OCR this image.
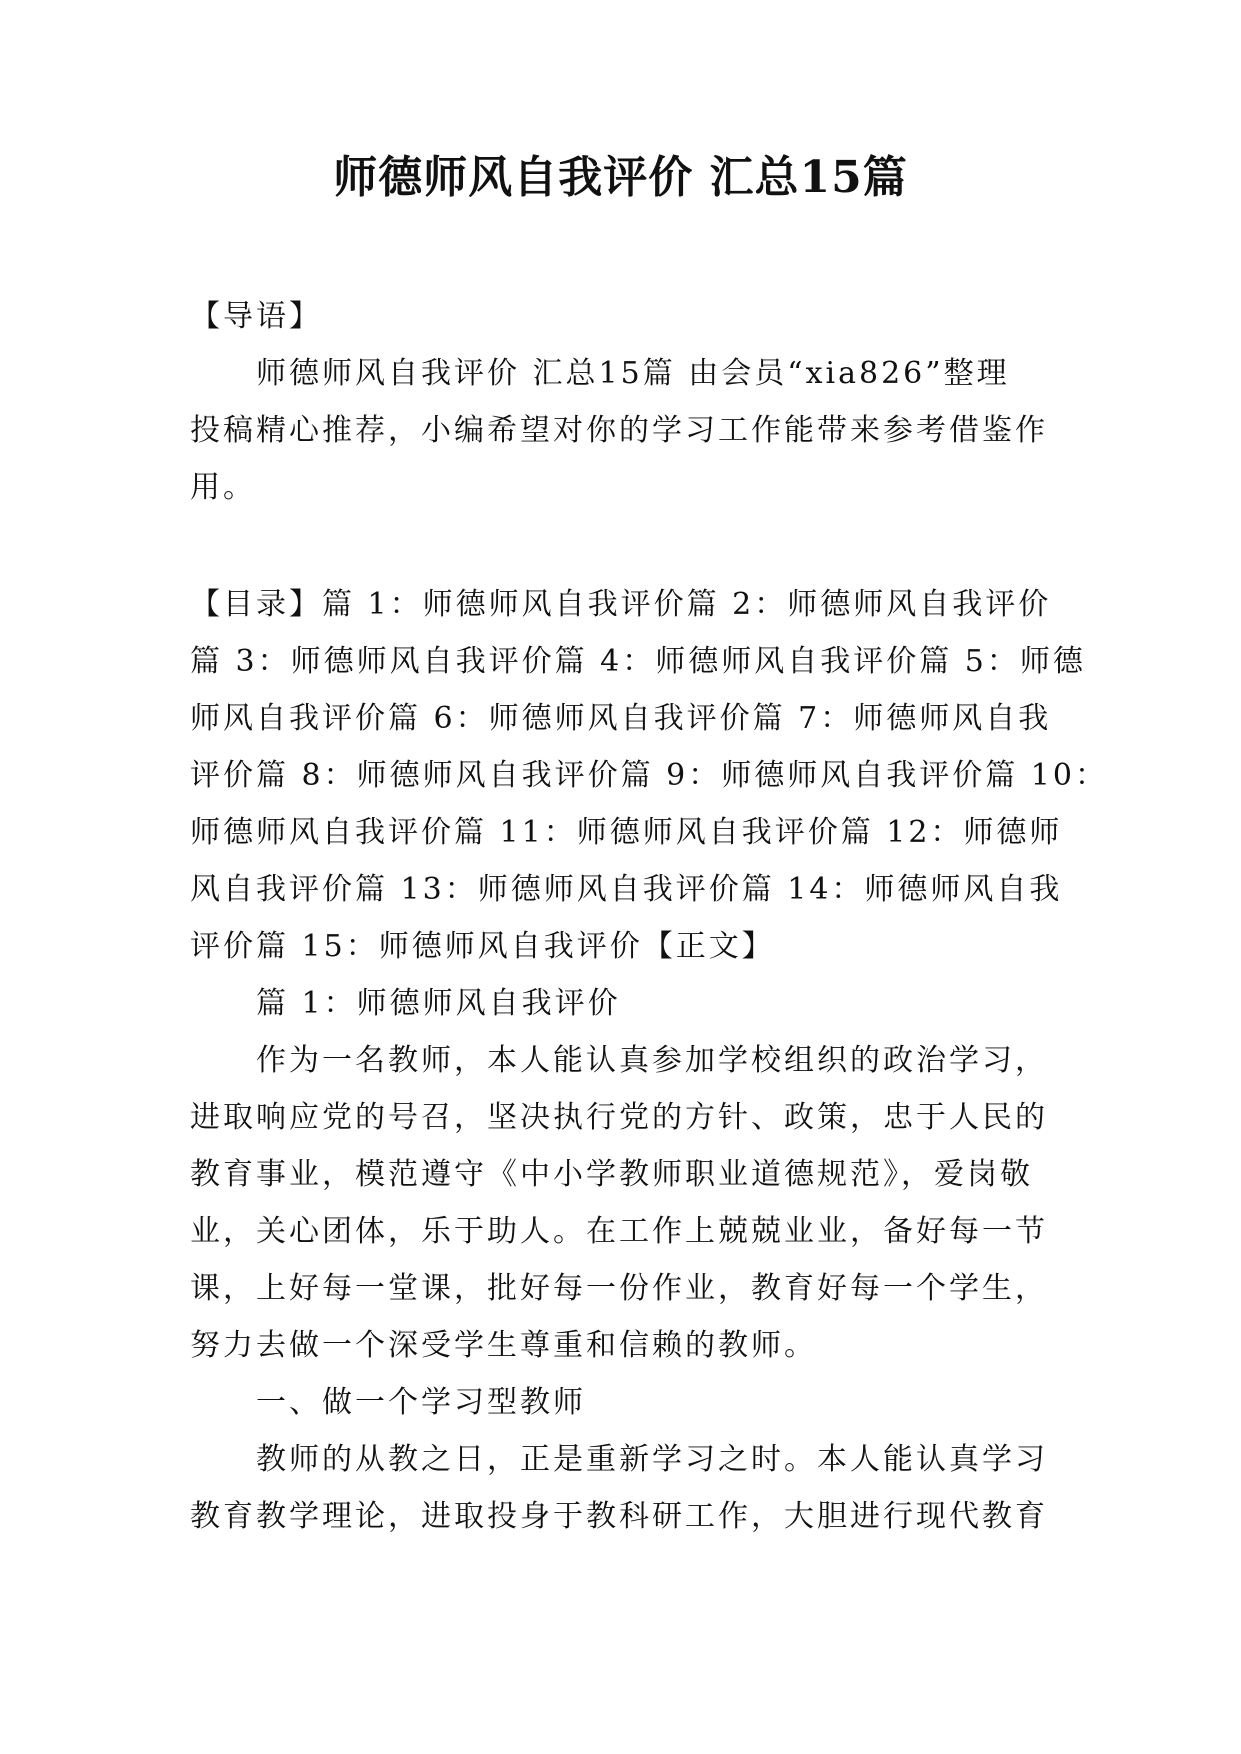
师德师风自我评价 汇总15篇
【导语】
师德师风自我评价 汇总15篇 由会员“xia826”整理
投稿精心推荐，小编希望对你的学习工作能带来参考借鉴作
用。
【目录】篇 1：师德师风自我评价篇 2：师德师风自我评价
篇 3：师德师风自我评价篇 4：师德师风自我评价篇 5：师德
师风自我评价篇 6：师德师风自我评价篇 7：师德师风自我
评价篇 8：师德师风自我评价篇 9：师德师风自我评价篇 10：
师德师风自我评价篇 11：师德师风自我评价篇 12：师德师
风自我评价篇 13：师德师风自我评价篇 14：师德师风自我
评价篇 15：师德师风自我评价【正文】
篇 1：师德师风自我评价
作为一名教师，本人能认真参加学校组织的政治学习，
进取响应党的号召，坚决执行党的方针、政策，忠于人民的
教育事业，模范遵守《中小学教师职业道德规范》，爱岗敬
业，关心团体，乐于助人。在工作上兢兢业业，备好每一节
课，上好每一堂课，批好每一份作业，教育好每一个学生，
努力去做一个深受学生尊重和信赖的教师。
一、做一个学习型教师
教师的从教之日，正是重新学习之时。本人能认真学习
教育教学理论，进取投身于教科研工作，大胆进行现代教育
